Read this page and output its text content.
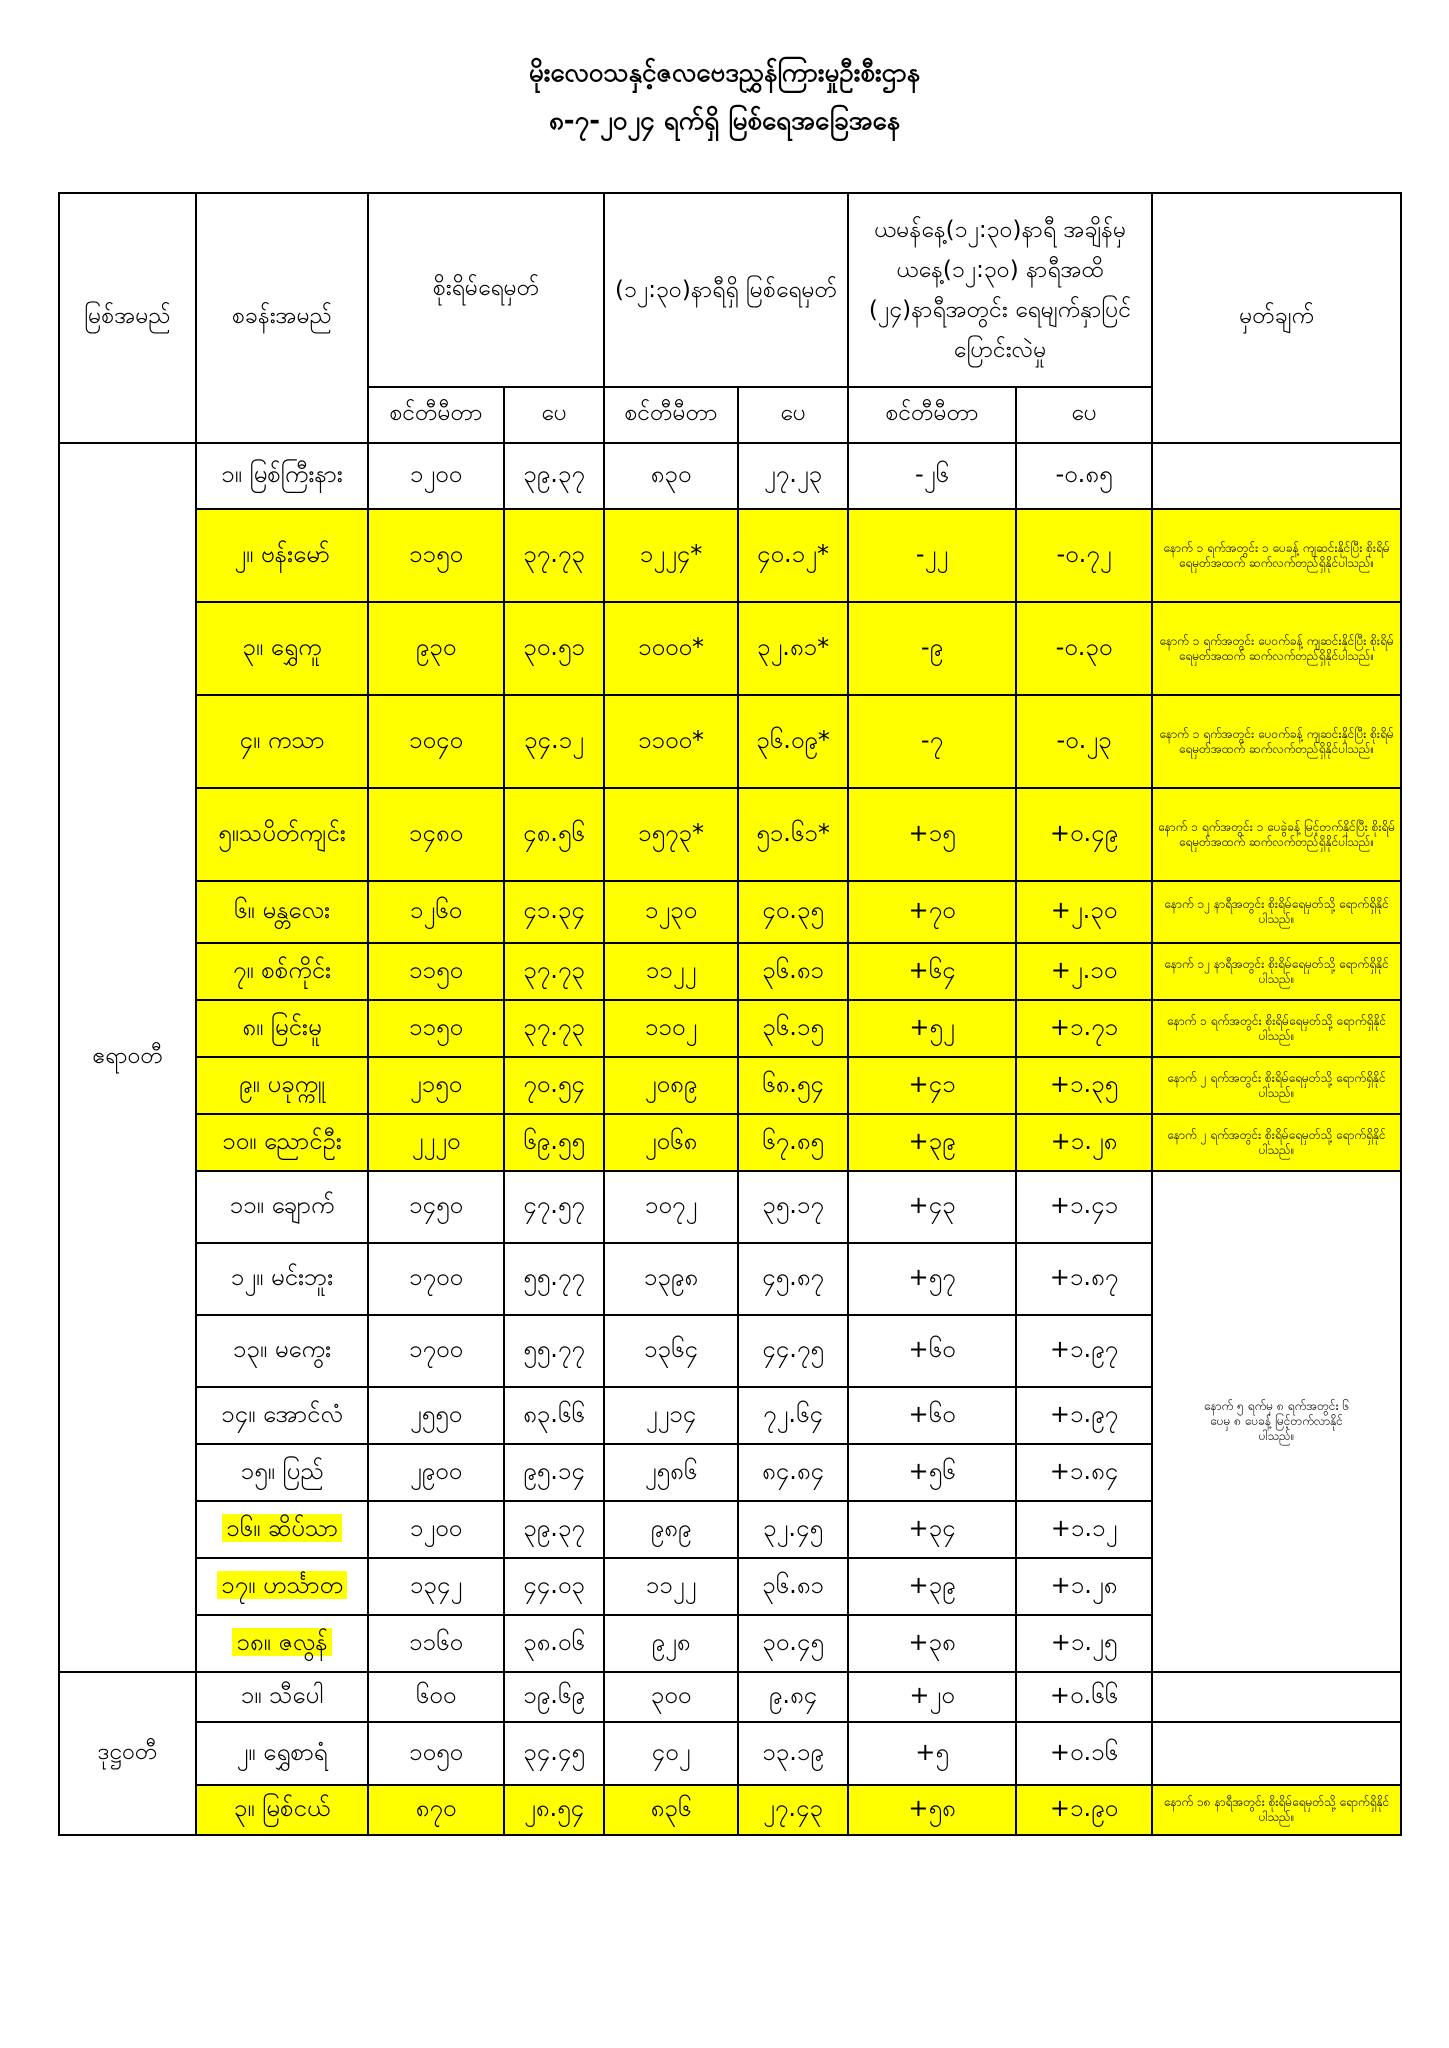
မိုးလေဝသနှင့်ဇလဗေဒညွှန်ကြားမှုဦးစီးဌာန
၈-၇-၂၀၂၄ ရက်ရှိ မြစ်ရေအခြေအနေ
မြစ်အမည်	စခန်းအမည်	စိုးရိမ်ရေမှတ်		(၁၂:၃၀)နာရီရှိ မြစ်ရေမှတ်		ယမန်နေ့(၁၂:၃၀)နာရီ အချိန်မှ ယနေ့(၁၂:၃၀) နာရီအထိ (၂၄)နာရီအတွင်း ရေမျက်နှာပြင်ပြောင်းလဲမှု		မှတ်ချက်
		စင်တီမီတာ	ပေ	စင်တီမီတာ	ပေ	စင်တီမီတာ	ပေ	
ဧရာဝတီ	၁။ မြစ်ကြီးနား	၁၂၀၀	၃၉.၃၇	၈၃၀	၂၇.၂၃	-၂၆	-၀.၈၅	
	၂။ ဗန်းမော်	၁၁၅၀	၃၇.၇၃	၁၂၂၄*	၄၀.၁၂*	-၂၂	-၀.၇၂	နောက် ၁ ရက်အတွင်း ၁ ပေခန့် ကျဆင်းနိုင်ပြီး စိုးရိမ်ရေမှတ်အထက် ဆက်လက်တည်ရှိနိုင်ပါသည်။
	၃။ ရွှေကူ	၉၃၀	၃၀.၅၁	၁၀၀၀*	၃၂.၈၁*	-၉	-၀.၃၀	နောက် ၁ ရက်အတွင်း ပေဝက်ခန့် ကျဆင်းနိုင်ပြီး စိုးရိမ်ရေမှတ်အထက် ဆက်လက်တည်ရှိနိုင်ပါသည်။
	၄။ ကသာ	၁၀၄၀	၃၄.၁၂	၁၁၀၀*	၃၆.၀၉*	-၇	-၀.၂၃	နောက် ၁ ရက်အတွင်း ပေဝက်ခန့် ကျဆင်းနိုင်ပြီး စိုးရိမ်ရေမှတ်အထက် ဆက်လက်တည်ရှိနိုင်ပါသည်။
	၅။သပိတ်ကျင်း	၁၄၈၀	၄၈.၅၆	၁၅၇၃*	၅၁.၆၁*	+၁၅	+၀.၄၉	နောက် ၁ ရက်အတွင်း ၁ ပေခွဲခန့် မြင့်တက်နိုင်ပြီး စိုးရိမ်ရေမှတ်အထက် ဆက်လက်တည်ရှိနိုင်ပါသည်။
	၆။ မန္တလေး	၁၂၆၀	၄၁.၃၄	၁၂၃၀	၄၀.၃၅	+၇၀	+၂.၃၀	နောက် ၁၂ နာရီအတွင်း စိုးရိမ်ရေမှတ်သို့ ရောက်ရှိနိုင်ပါသည်။
	၇။ စစ်ကိုင်း	၁၁၅၀	၃၇.၇၃	၁၁၂၂	၃၆.၈၁	+၆၄	+၂.၁၀	နောက် ၁၂ နာရီအတွင်း စိုးရိမ်ရေမှတ်သို့ ရောက်ရှိနိုင်ပါသည်။
	၈။ မြင်းမူ	၁၁၅၀	၃၇.၇၃	၁၁၀၂	၃၆.၁၅	+၅၂	+၁.၇၁	နောက် ၁ ရက်အတွင်း စိုးရိမ်ရေမှတ်သို့ ရောက်ရှိနိုင်ပါသည်။
	၉။ ပခုက္ကူ	၂၁၅၀	၇၀.၅၄	၂၀၈၉	၆၈.၅၄	+၄၁	+၁.၃၅	နောက် ၂ ရက်အတွင်း စိုးရိမ်ရေမှတ်သို့ ရောက်ရှိနိုင်ပါသည်။
	၁၀။ ညောင်ဦး	၂၂၂၀	၆၉.၅၅	၂၀၆၈	၆၇.၈၅	+၃၉	+၁.၂၈	နောက် ၂ ရက်အတွင်း စိုးရိမ်ရေမှတ်သို့ ရောက်ရှိနိုင်ပါသည်။
	၁၁။ ချောက်	၁၄၅၀	၄၇.၅၇	၁၀၇၂	၃၅.၁၇	+၄၃	+၁.၄၁	နောက် ၅ ရက်မှ ၈ ရက်အတွင်း ၆ ပေမှ ၈ ပေခန့် မြင့်တက်လာနိုင်ပါသည်။
	၁၂။ မင်းဘူး	၁၇၀၀	၅၅.၇၇	၁၃၉၈	၄၅.၈၇	+၅၇	+၁.၈၇	
	၁၃။ မကွေး	၁၇၀၀	၅၅.၇၇	၁၃၆၄	၄၄.၇၅	+၆၀	+၁.၉၇	
	၁၄။ အောင်လံ	၂၅၅၀	၈၃.၆၆	၂၂၁၄	၇၂.၆၄	+၆၀	+၁.၉၇	
	၁၅။ ပြည်	၂၉၀၀	၉၅.၁၄	၂၅၈၆	၈၄.၈၄	+၅၆	+၁.၈၄	
	၁၆။ ဆိပ်သာ	၁၂၀၀	၃၉.၃၇	၉၈၉	၃၂.၄၅	+၃၄	+၁.၁၂	
	၁၇။ ဟင်္သာတ	၁၃၄၂	၄၄.၀၃	၁၁၂၂	၃၆.၈၁	+၃၉	+၁.၂၈	
	၁၈။ ဇလွန်	၁၁၆၀	၃၈.၀၆	၉၂၈	၃၀.၄၅	+၃၈	+၁.၂၅	
ဒုဋ္ဌဝတီ	၁။ သီပေါ	၆၀၀	၁၉.၆၉	၃၀၀	၉.၈၄	+၂၀	+၀.၆၆	
	၂။ ရွှေစာရံ	၁၀၅၀	၃၄.၄၅	၄၀၂	၁၃.၁၉	+၅	+၀.၁၆	
	၃။ မြစ်ငယ်	၈၇၀	၂၈.၅၄	၈၃၆	၂၇.၄၃	+၅၈	+၁.၉၀	နောက် ၁၈ နာရီအတွင်း စိုးရိမ်ရေမှတ်သို့ ရောက်ရှိနိုင်ပါသည်။
